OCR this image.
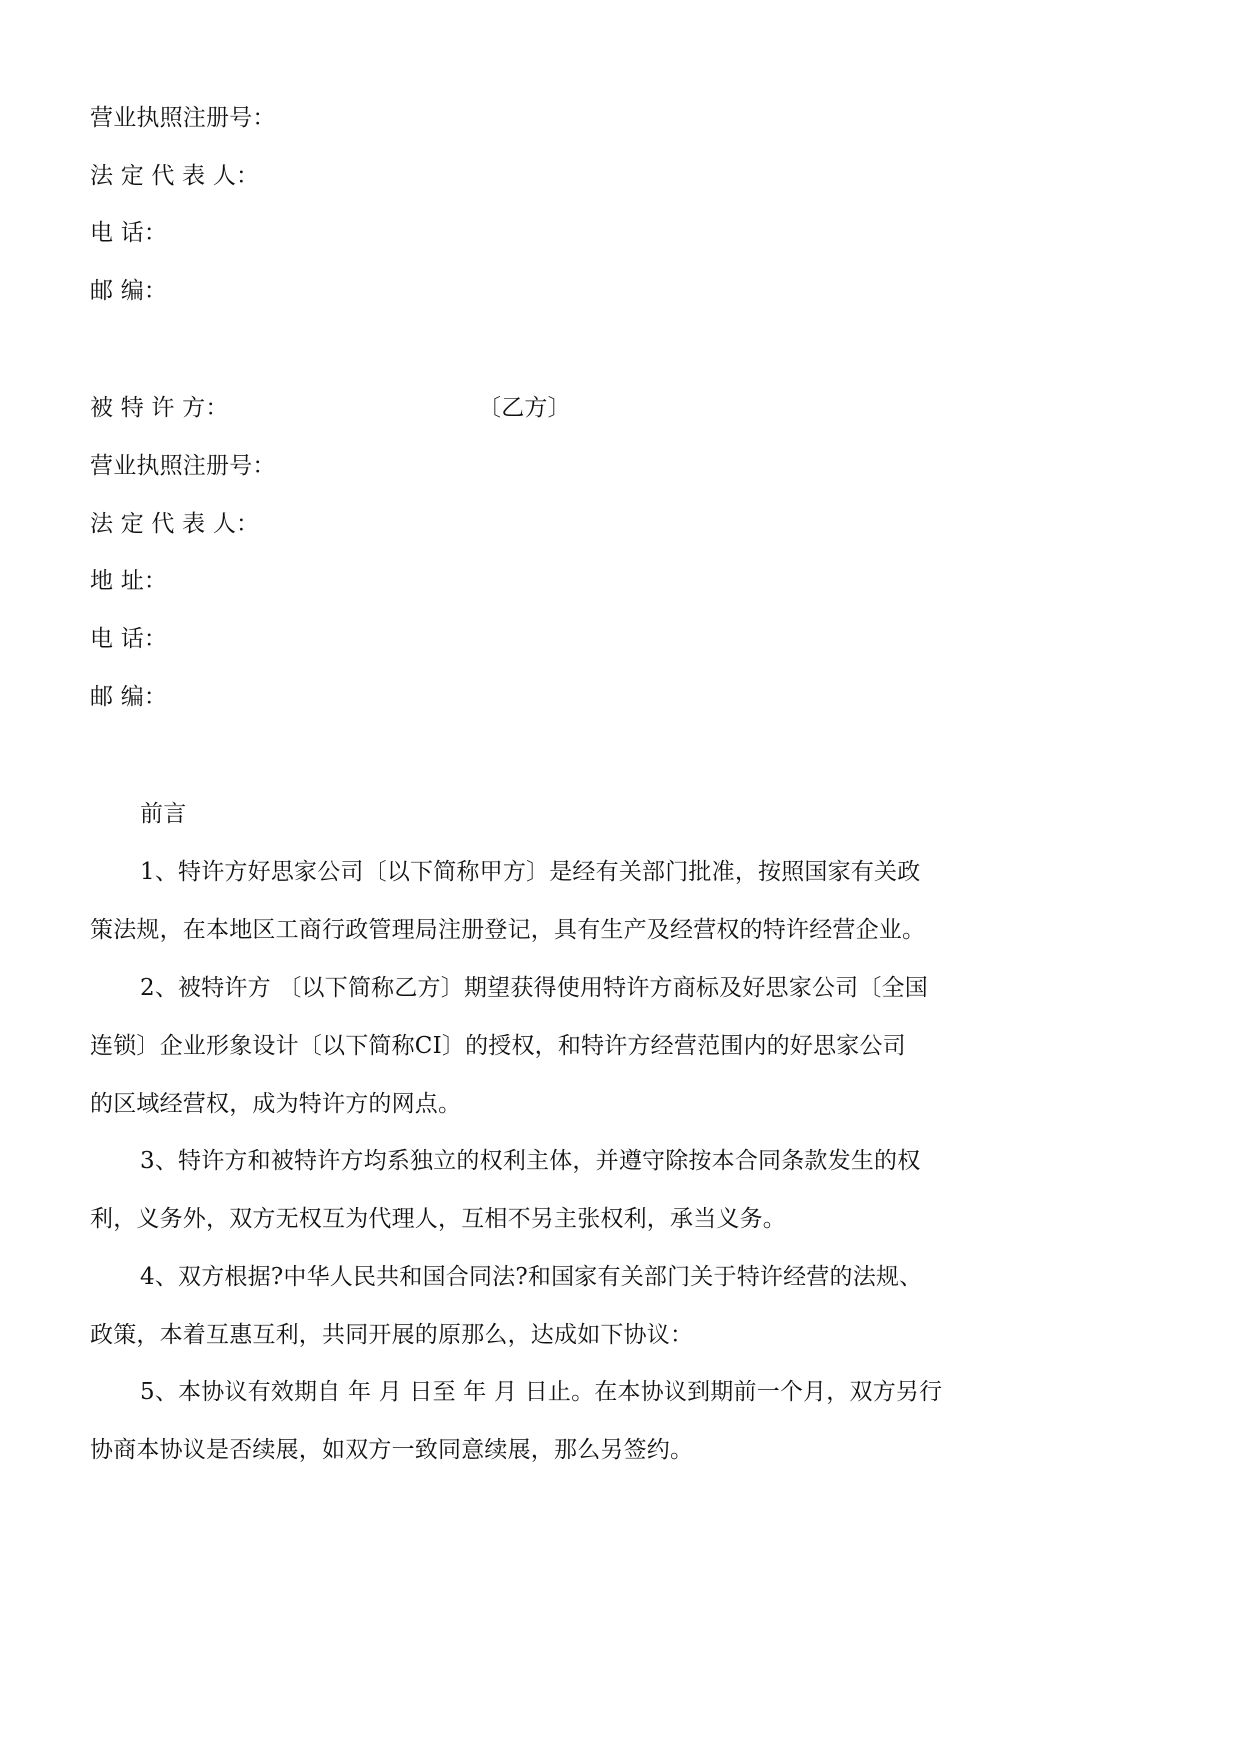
营业执照注册号：
法 定 代 表 人：
电 话：
邮 编：
被 特 许 方：	〔乙方〕
营业执照注册号：
法 定 代 表 人：
地 址：
电 话：
邮 编：
前言
1、特许方好思家公司〔以下简称甲方〕是经有关部门批准，按照国家有关政
策法规，在本地区工商行政管理局注册登记，具有生产及经营权的特许经营企业。
2、被特许方 〔以下简称乙方〕期望获得使用特许方商标及好思家公司〔全国
连锁〕企业形象设计〔以下简称CI〕的授权，和特许方经营范围内的好思家公司
的区域经营权，成为特许方的网点。
3、特许方和被特许方均系独立的权利主体，并遵守除按本合同条款发生的权
利，义务外，双方无权互为代理人，互相不另主张权利，承当义务。
4、双方根据?中华人民共和国合同法?和国家有关部门关于特许经营的法规、
政策，本着互惠互利，共同开展的原那么，达成如下协议：
5、本协议有效期自 年 月 日至 年 月 日止。在本协议到期前一个月，双方另行
协商本协议是否续展，如双方一致同意续展，那么另签约。
